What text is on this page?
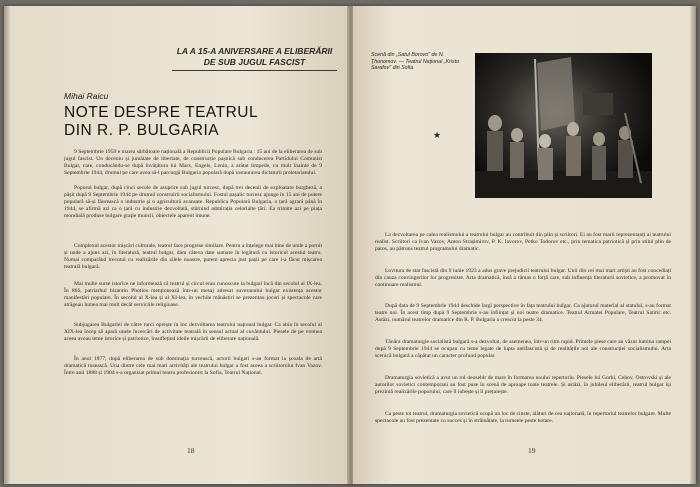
LA A 15-A ANIVERSARE A ELIBERĂRII
DE SUB JUGUL FASCIST
Mihai Raicu
NOTE DESPRE TEATRUL
DIN R. P. BULGARIA

9 Septembrie 1959 e marea sărbătoare națională a Republicii Populare Bulgaria : 15 ani de la eliberarea de sub jugul fascist. Un deceniu și jumătate de libertate, de construcție pașnică sub conducerea Partidului Comunist Bulgar, care, conducându-se după învățătura lui Marx, Engels, Lenin, a arătat limpede, cu mult înainte de 9 Septembrie 1944, drumul pe care avea să-l parcurgă Bulgaria populară după instaurarea dictaturii proletariatului.

Poporul bulgar, după cinci secole de asuprire sub jugul turcesc, după trei decenii de exploatare burgheză, a păşit după 9 Septembrie 1944 pe drumul construirii socialismului. Fostul pașalic turcesc ajunge în 15 ani de putere populară să-și făurească o industrie și o agricultură avansate. Republica Populară Bulgaria, o țară agrară până în 1944, se afirmă azi ca o țară cu industrie dezvoltată, stârnind admirația celorlalte țări. Ea trimite azi pe piața mondială produse bulgare grație muncii, obiectele aparent imune.

Complexul acestor mișcări culturale, teatrul face progrese similare. Pentru a înțelege mai bine de unde a pornit și unde a ajuns azi, în literatură, teatrul bulgar, dăm câteva date sumare în legătură cu istoricul acestui teatru. Numai comparând trecutul cu realizările din zilele noastre, putem aprecia just pașii pe care i-a făcut mișcarea teatrală bulgară.

Mai multe surse istorice ne informează că teatrul și circul erau cunoscute la bulgari încă din secolul al IX-lea. În 866, patriarhul bizantin Photios menționează într-un mesaj adresat suveranului bulgar existența acestor manifestări populare. În secolul al X-lea și al XI-lea, în vechile mănăstiri se prezentau jocuri și spectacole care atrăgeau lumea mai mult decât serviciile religioase.

Subjugarea Bulgariei de către turci oprește în loc dezvoltarea teatrului național bulgar. Ca abia în secolul al XIX-lea încep să apară unele încercări de activitate teatrală în sensul actual al cuvântului. Piesele de pe vremea aceea aveau teme istorice și patriotice, însuflețind ideile mișcării de eliberare națională.

În anul 1877, după eliberarea de sub dominația turcească, actorii bulgari s-au format la școala de artă dramatică rusească. Una dintre cele mai mari activități ale teatrului bulgar a fost aceea a scriitorului Ivan Vazov. Între anii 1888 și 1904 s-a organizat primul teatru profesionist la Sofia, Teatrul Național.

18
Scenă din „Satul Borovo" de N. Ţhonomov. — Teatrul Național „Kristo Sarafov" din Sofia.
★

La dezvoltarea pe calea realismului a teatrului bulgar au contribuit din plin și scriitori. Ei au fost marii reprezentanți ai teatrului realist. Scriitori ca Ivan Vazov, Anton Strașimirov, P. K. Iavorov, Petko Todorov etc., prin tematica patriotică și prin stilul plin de patos, au pătruns teatrul programului dramatic.

Lovitura de stat fascistă din 9 iunie 1923 a adus grave prejudicii teatrului bulgar. Unii din cei mai mari artiști au fost concediați din cauza convingerilor lor progresiste. Arta dramatică, însă a rămas o forță care, sub influența literaturii sovietice, a promovat în continuare realismul.

După data de 9 Septembrie 1944 deschide largi perspective în fața teatrului bulgar. Ca ajutorul material al statului, s-au format teatre noi. În acest timp după 9 Septembrie s-au înființat și noi teatre dramatice. Teatrul Armatei Populare, Teatrul Satiric etc. Astăzi, numărul teatrelor dramatice din R. P. Bulgaria a crescut la peste 34.

Tânăra dramaturgie socialistă bulgară s-a dezvoltat, de asemenea, într-un ritm rapid. Primele piese care au văzut lumina rampei după 9 Septembrie 1944 se ocupau cu teme legate de lupta antifascistă și de realitățile noi ale construcției socialismului. Arta scenică bulgară a căpătat un caracter profund popular.

Dramaturgia sovietică a avut un rol deosebit de mare în formarea noului repertoriu. Piesele lui Gorki, Cehov, Ostrovski și ale autorilor sovietici contemporani au fost puse în scenă de aproape toate teatrele. Și astăzi, în jubileul eliberării, teatrul bulgar își prezintă realizările poporului, care îl iubește și îl prețuiește.

Ca peste tot teatrul, dramaturgia sovietică ocupă un loc de cinste, alături de cea națională, în repertoriul teatrelor bulgare. Multe spectacole au fost prezentate cu succes și în străinătate, la turneele peste hotare.

19
